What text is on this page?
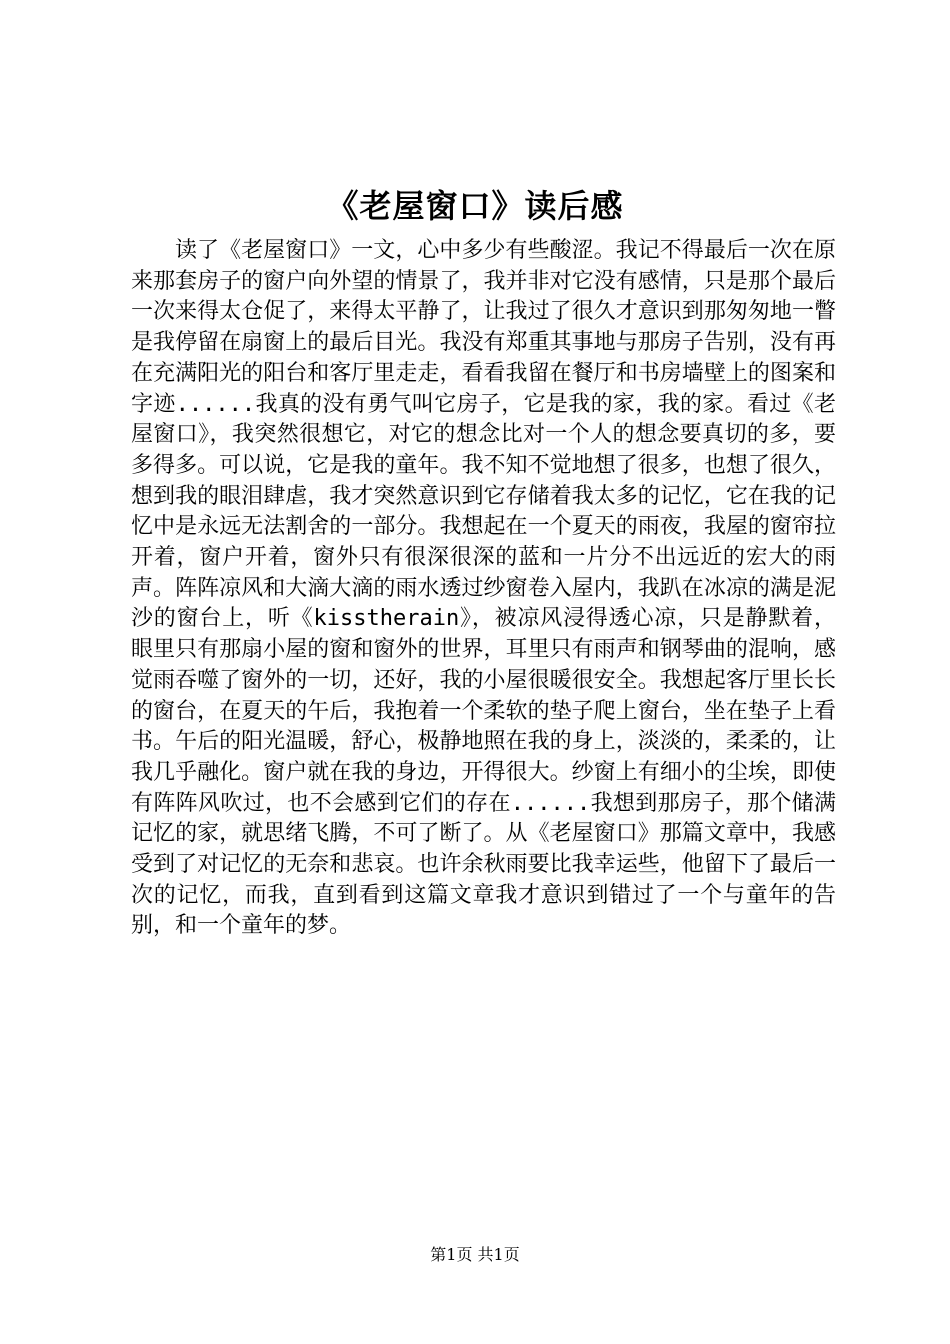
《老屋窗口》读后感

读了《老屋窗口》一文，心中多少有些酸涩。我记不得最后一次在原来那套房子的窗户向外望的情景了，我并非对它没有感情，只是那个最后一次来得太仓促了，来得太平静了，让我过了很久才意识到那匆匆地一瞥是我停留在扇窗上的最后目光。我没有郑重其事地与那房子告别，没有再在充满阳光的阳台和客厅里走走，看看我留在餐厅和书房墙壁上的图案和字迹......我真的没有勇气叫它房子，它是我的家，我的家。看过《老屋窗口》，我突然很想它，对它的想念比对一个人的想念要真切的多，要多得多。可以说，它是我的童年。我不知不觉地想了很多，也想了很久，想到我的眼泪肆虐，我才突然意识到它存储着我太多的记忆，它在我的记忆中是永远无法割舍的一部分。我想起在一个夏天的雨夜，我屋的窗帘拉开着，窗户开着，窗外只有很深很深的蓝和一片分不出远近的宏大的雨声。阵阵凉风和大滴大滴的雨水透过纱窗卷入屋内，我趴在冰凉的满是泥沙的窗台上，听《kisstherain》，被凉风浸得透心凉，只是静默着，眼里只有那扇小屋的窗和窗外的世界，耳里只有雨声和钢琴曲的混响，感觉雨吞噬了窗外的一切，还好，我的小屋很暖很安全。我想起客厅里长长的窗台，在夏天的午后，我抱着一个柔软的垫子爬上窗台，坐在垫子上看书。午后的阳光温暖，舒心，极静地照在我的身上，淡淡的，柔柔的，让我几乎融化。窗户就在我的身边，开得很大。纱窗上有细小的尘埃，即使有阵阵风吹过，也不会感到它们的存在......我想到那房子，那个储满记忆的家，就思绪飞腾，不可了断了。从《老屋窗口》那篇文章中，我感受到了对记忆的无奈和悲哀。也许余秋雨要比我幸运些，他留下了最后一次的记忆，而我，直到看到这篇文章我才意识到错过了一个与童年的告别，和一个童年的梦。

第1页 共1页
